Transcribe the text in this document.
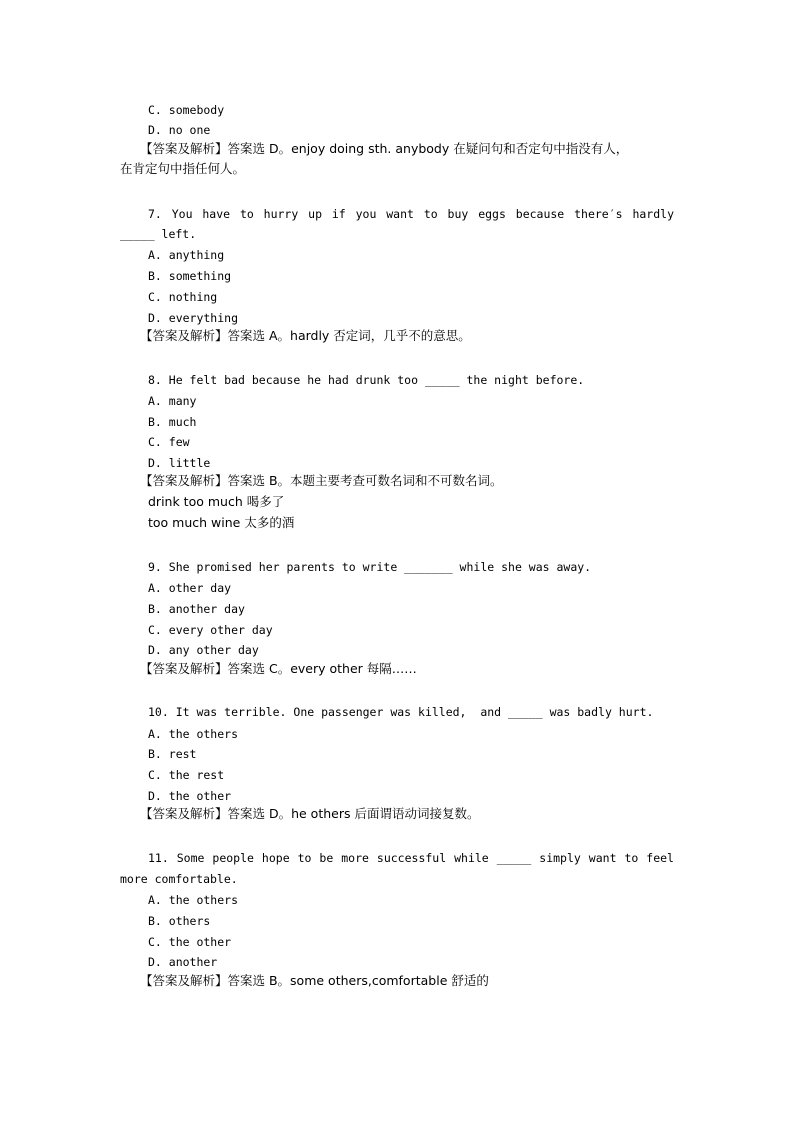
C. somebody
D. no one
【答案及解析】答案选 D。enjoy doing sth. anybody 在疑问句和否定句中指没有人，
在肯定句中指任何人。
7. You have to hurry up if you want to buy eggs because there′s hardly
_____ left.
A. anything
B. something
C. nothing
D. everything
【答案及解析】答案选 A。hardly 否定词，几乎不的意思。
8. He felt bad because he had drunk too _____ the night before.
A. many
B. much
C. few
D. little
【答案及解析】答案选 B。本题主要考查可数名词和不可数名词。
drink too much 喝多了
too much wine 太多的酒
9. She promised her parents to write _______ while she was away.
A. other day
B. another day
C. every other day
D. any other day
【答案及解析】答案选 C。every other 每隔……
10. It was terrible. One passenger was killed,  and _____ was badly hurt.
A. the others
B. rest
C. the rest
D. the other
【答案及解析】答案选 D。he others 后面谓语动词接复数。
11. Some people hope to be more successful while _____ simply want to feel
more comfortable.
A. the others
B. others
C. the other
D. another
【答案及解析】答案选 B。some others,comfortable 舒适的
